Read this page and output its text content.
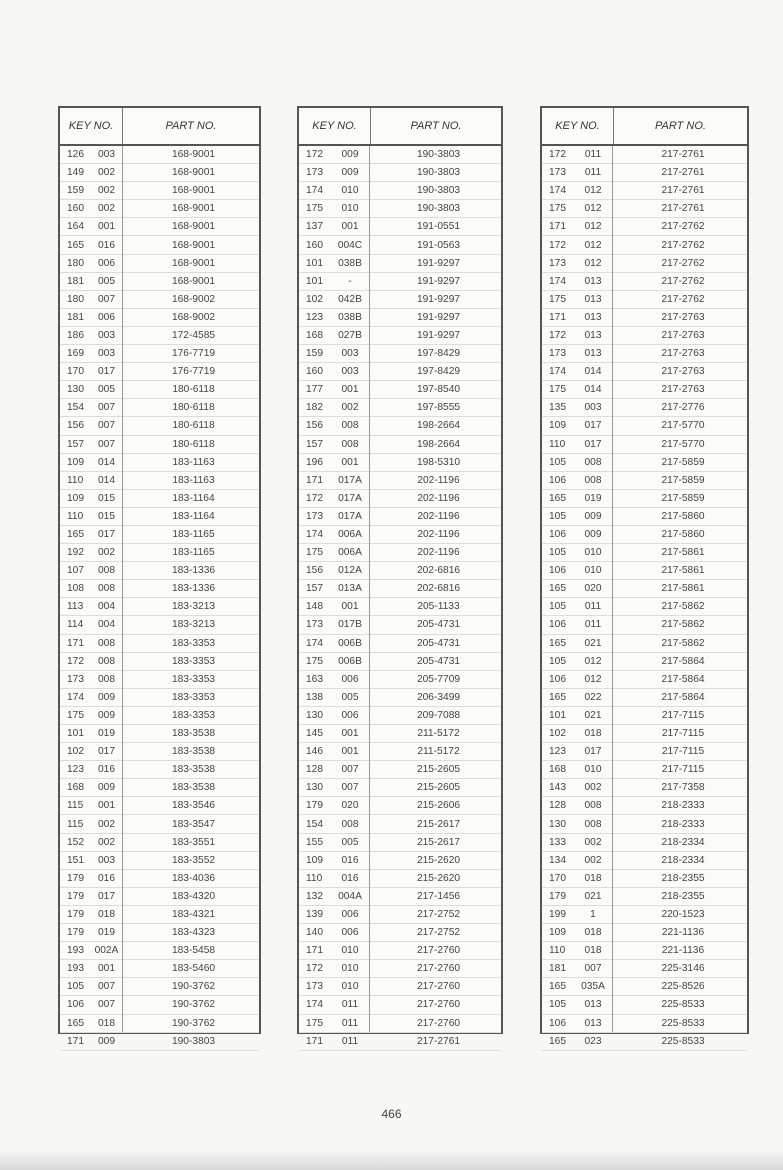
KEY NO.	PART NO.
126	003	168-9001
149	002	168-9001
159	002	168-9001
160	002	168-9001
164	001	168-9001
165	016	168-9001
180	006	168-9001
181	005	168-9001
180	007	168-9002
181	006	168-9002
186	003	172-4585
169	003	176-7719
170	017	176-7719
130	005	180-6118
154	007	180-6118
156	007	180-6118
157	007	180-6118
109	014	183-1163
110	014	183-1163
109	015	183-1164
110	015	183-1164
165	017	183-1165
192	002	183-1165
107	008	183-1336
108	008	183-1336
113	004	183-3213
114	004	183-3213
171	008	183-3353
172	008	183-3353
173	008	183-3353
174	009	183-3353
175	009	183-3353
101	019	183-3538
102	017	183-3538
123	016	183-3538
168	009	183-3538
115	001	183-3546
115	002	183-3547
152	002	183-3551
151	003	183-3552
179	016	183-4036
179	017	183-4320
179	018	183-4321
179	019	183-4323
193	002A	183-5458
193	001	183-5460
105	007	190-3762
106	007	190-3762
165	018	190-3762
171	009	190-3803
KEY NO.	PART NO.
172	009	190-3803
173	009	190-3803
174	010	190-3803
175	010	190-3803
137	001	191-0551
160	004C	191-0563
101	038B	191-9297
101	-	191-9297
102	042B	191-9297
123	038B	191-9297
168	027B	191-9297
159	003	197-8429
160	003	197-8429
177	001	197-8540
182	002	197-8555
156	008	198-2664
157	008	198-2664
196	001	198-5310
171	017A	202-1196
172	017A	202-1196
173	017A	202-1196
174	006A	202-1196
175	006A	202-1196
156	012A	202-6816
157	013A	202-6816
148	001	205-1133
173	017B	205-4731
174	006B	205-4731
175	006B	205-4731
163	006	205-7709
138	005	206-3499
130	006	209-7088
145	001	211-5172
146	001	211-5172
128	007	215-2605
130	007	215-2605
179	020	215-2606
154	008	215-2617
155	005	215-2617
109	016	215-2620
110	016	215-2620
132	004A	217-1456
139	006	217-2752
140	006	217-2752
171	010	217-2760
172	010	217-2760
173	010	217-2760
174	011	217-2760
175	011	217-2760
171	011	217-2761
KEY NO.	PART NO.
172	011	217-2761
173	011	217-2761
174	012	217-2761
175	012	217-2761
171	012	217-2762
172	012	217-2762
173	012	217-2762
174	013	217-2762
175	013	217-2762
171	013	217-2763
172	013	217-2763
173	013	217-2763
174	014	217-2763
175	014	217-2763
135	003	217-2776
109	017	217-5770
110	017	217-5770
105	008	217-5859
106	008	217-5859
165	019	217-5859
105	009	217-5860
106	009	217-5860
105	010	217-5861
106	010	217-5861
165	020	217-5861
105	011	217-5862
106	011	217-5862
165	021	217-5862
105	012	217-5864
106	012	217-5864
165	022	217-5864
101	021	217-7115
102	018	217-7115
123	017	217-7115
168	010	217-7115
143	002	217-7358
128	008	218-2333
130	008	218-2333
133	002	218-2334
134	002	218-2334
170	018	218-2355
179	021	218-2355
199	1	220-1523
109	018	221-1136
110	018	221-1136
181	007	225-3146
165	035A	225-8526
105	013	225-8533
106	013	225-8533
165	023	225-8533
466
